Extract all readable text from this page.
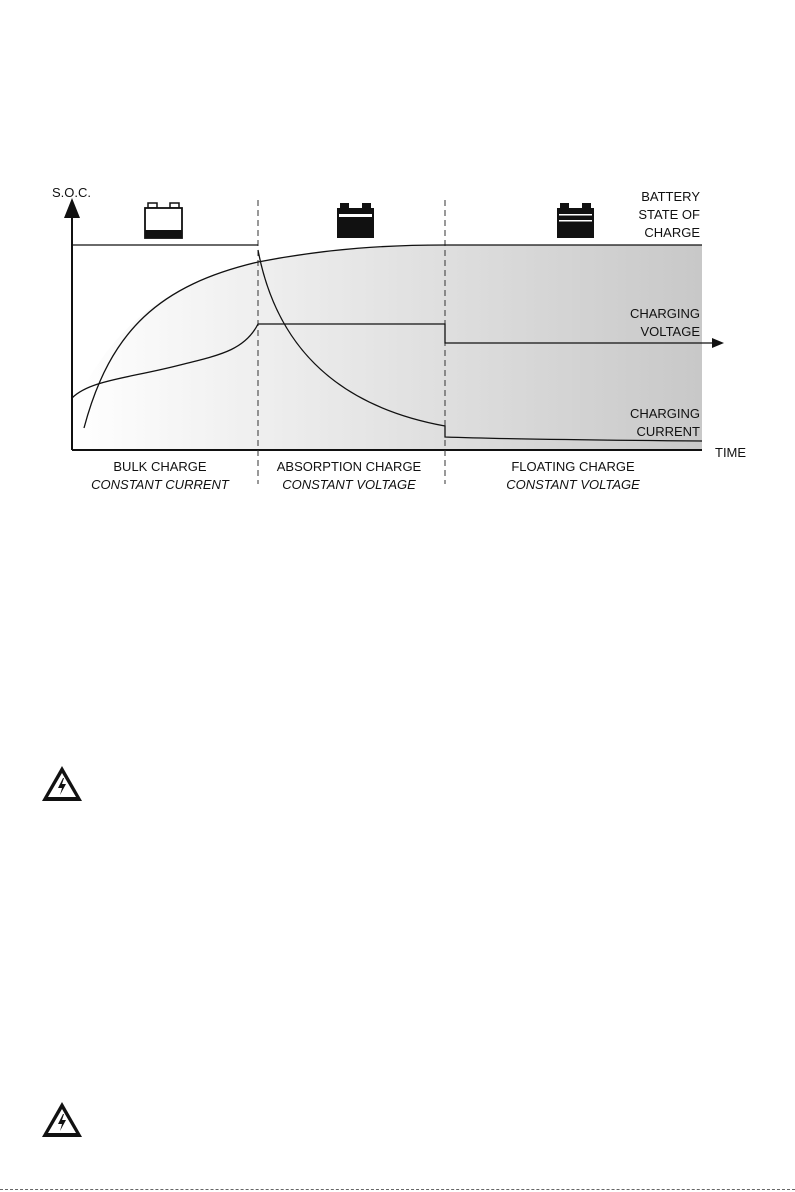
S.O.C.
TIME
BATTERY
STATE OF
CHARGE
CHARGING
VOLTAGE
CHARGING
CURRENT
BULK CHARGE
CONSTANT CURRENT
ABSORPTION CHARGE
CONSTANT VOLTAGE
FLOATING CHARGE
CONSTANT VOLTAGE
